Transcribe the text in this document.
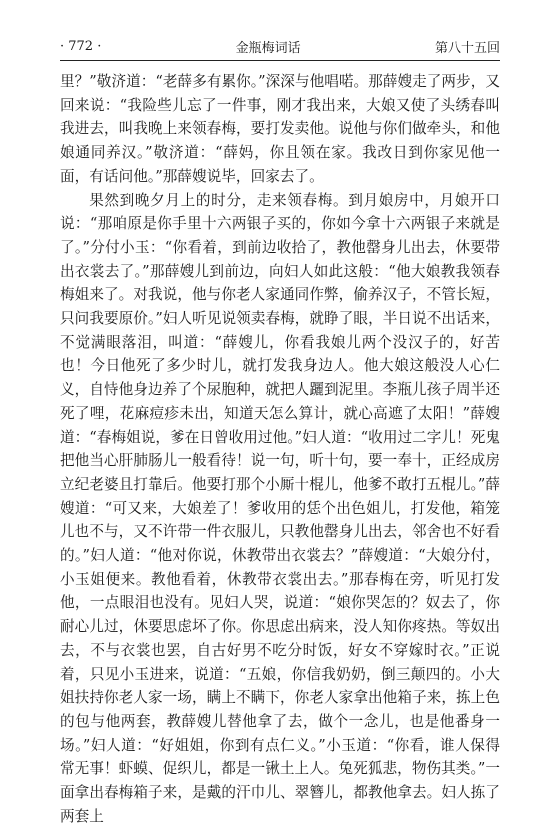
· 772 ·	金瓶梅词话	第八十五回

里？”敬济道：“老薛多有累你。”深深与他唱喏。那薛嫂走了两步，又回来说：“我险些儿忘了一件事，刚才我出来，大娘又使了头绣春叫我进去，叫我晚上来领春梅，要打发卖他。说他与你们做牵头，和他娘通同养汉。”敬济道：“薛妈，你且领在家。我改日到你家见他一面，有话问他。”那薛嫂说毕，回家去了。

果然到晚夕月上的时分，走来领春梅。到月娘房中，月娘开口说：“那咱原是你手里十六两银子买的，你如今拿十六两银子来就是了。”分付小玉：“你看着，到前边收拾了，教他罄身儿出去，休要带出衣裳去了。”那薛嫂儿到前边，向妇人如此这般：“他大娘教我领春梅姐来了。对我说，他与你老人家通同作弊，偷养汉子，不管长短，只问我要原价。”妇人听见说领卖春梅，就睁了眼，半日说不出话来，不觉满眼落泪，叫道：“薛嫂儿，你看我娘儿两个没汉子的，好苦也！今日他死了多少时儿，就打发我身边人。他大娘这般没人心仁义，自恃他身边养了个尿胞种，就把人躧到泥里。李瓶儿孩子周半还死了哩，花麻痘疹未出，知道天怎么算计，就心高遮了太阳！”薛嫂道：“春梅姐说，爹在日曾收用过他。”妇人道：“收用过二字儿！死鬼把他当心肝肺肠儿一般看待！说一句，听十句，要一奉十，正经成房立纪老婆且打靠后。他要打那个小厮十棍儿，他爹不敢打五棍儿。”薛嫂道：“可又来，大娘差了！爹收用的恁个出色姐儿，打发他，箱笼儿也不与，又不许带一件衣服儿，只教他罄身儿出去，邻舍也不好看的。”妇人道：“他对你说，休教带出衣裳去？”薛嫂道：“大娘分付，小玉姐便来。教他看着，休教带衣裳出去。”那春梅在旁，听见打发他，一点眼泪也没有。见妇人哭，说道：“娘你哭怎的？奴去了，你耐心儿过，休要思虑坏了你。你思虑出病来，没人知你疼热。等奴出去，不与衣裳也罢，自古好男不吃分时饭，好女不穿嫁时衣。”正说着，只见小玉进来，说道：“五娘，你信我奶奶，倒三颠四的。小大姐扶持你老人家一场，瞒上不瞒下，你老人家拿出他箱子来，拣上色的包与他两套，教薛嫂儿替他拿了去，做个一念儿，也是他番身一场。”妇人道：“好姐姐，你到有点仁义。”小玉道：“你看，谁人保得常无事！虾蟆、促织儿，都是一锹土上人。兔死狐悲，物伤其类。”一面拿出春梅箱子来，是戴的汗巾儿、翠簪儿，都教他拿去。妇人拣了两套上
